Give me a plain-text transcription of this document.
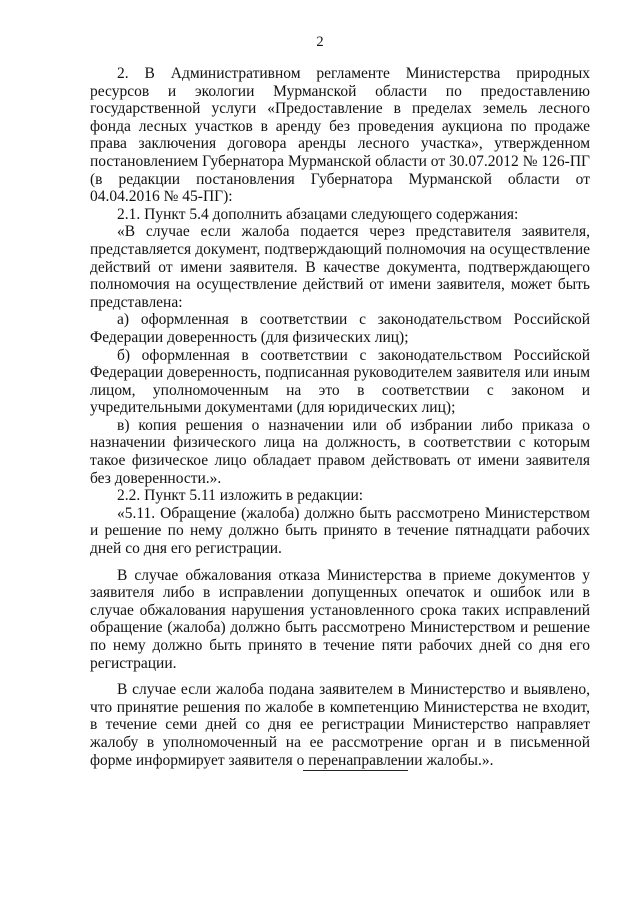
2

2. В Административном регламенте Министерства природных ресурсов и экологии Мурманской области по предоставлению государственной услуги «Предоставление в пределах земель лесного фонда лесных участков в аренду без проведения аукциона по продаже права заключения договора аренды лесного участка», утвержденном постановлением Губернатора Мурманской области от 30.07.2012 № 126-ПГ (в редакции постановления Губернатора Мурманской области от 04.04.2016 № 45-ПГ):

2.1. Пункт 5.4 дополнить абзацами следующего содержания:

«В случае если жалоба подается через представителя заявителя, представляется документ, подтверждающий полномочия на осуществление действий от имени заявителя. В качестве документа, подтверждающего полномочия на осуществление действий от имени заявителя, может быть представлена:

а) оформленная в соответствии с законодательством Российской Федерации доверенность (для физических лиц);

б) оформленная в соответствии с законодательством Российской Федерации доверенность, подписанная руководителем заявителя или иным лицом, уполномоченным на это в соответствии с законом и учредительными документами (для юридических лиц);

в) копия решения о назначении или об избрании либо приказа о назначении физического лица на должность, в соответствии с которым такое физическое лицо обладает правом действовать от имени заявителя без доверенности.».

2.2. Пункт 5.11 изложить в редакции:

«5.11. Обращение (жалоба) должно быть рассмотрено Министерством и решение по нему должно быть принято в течение пятнадцати рабочих дней со дня его регистрации.

В случае обжалования отказа Министерства в приеме документов у заявителя либо в исправлении допущенных опечаток и ошибок или в случае обжалования нарушения установленного срока таких исправлений обращение (жалоба) должно быть рассмотрено Министерством и решение по нему должно быть принято в течение пяти рабочих дней со дня его регистрации.

В случае если жалоба подана заявителем в Министерство и выявлено, что принятие решения по жалобе в компетенцию Министерства не входит, в течение семи дней со дня ее регистрации Министерство направляет жалобу в уполномоченный на ее рассмотрение орган и в письменной форме информирует заявителя о перенаправлении жалобы.».
